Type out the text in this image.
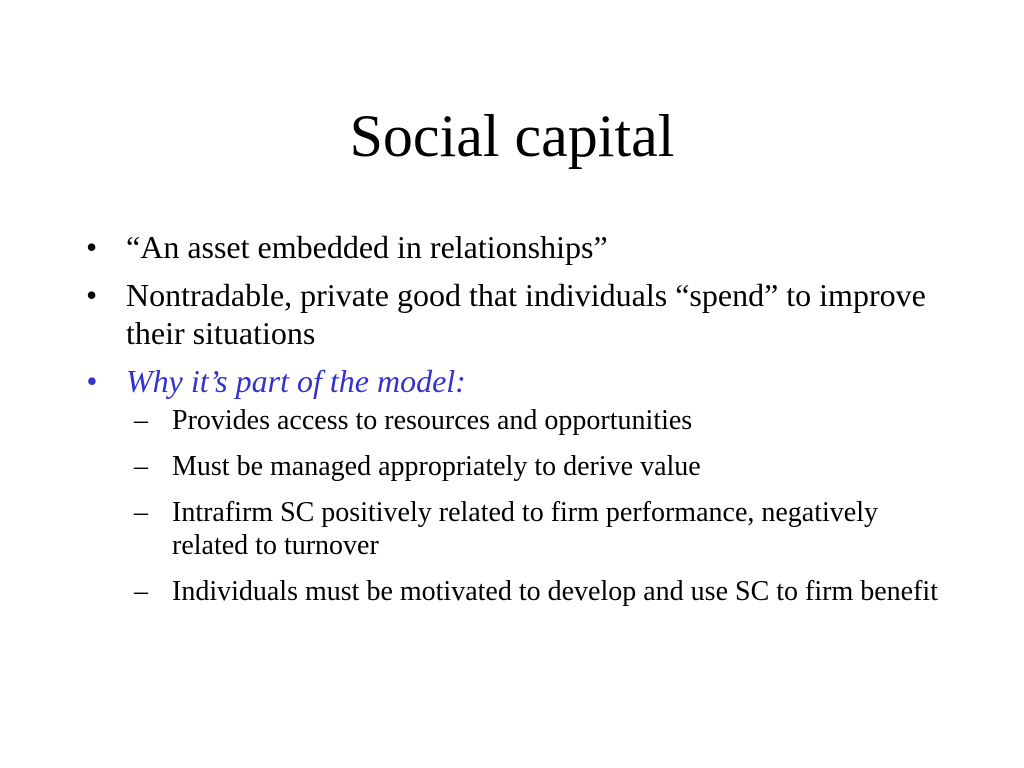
Social capital
• “An asset embedded in relationships”
• Nontradable, private good that individuals “spend” to improve their situations
• Why it’s part of the model:
– Provides access to resources and opportunities
– Must be managed appropriately to derive value
– Intrafirm SC positively related to firm performance, negatively related to turnover
– Individuals must be motivated to develop and use SC to firm benefit
